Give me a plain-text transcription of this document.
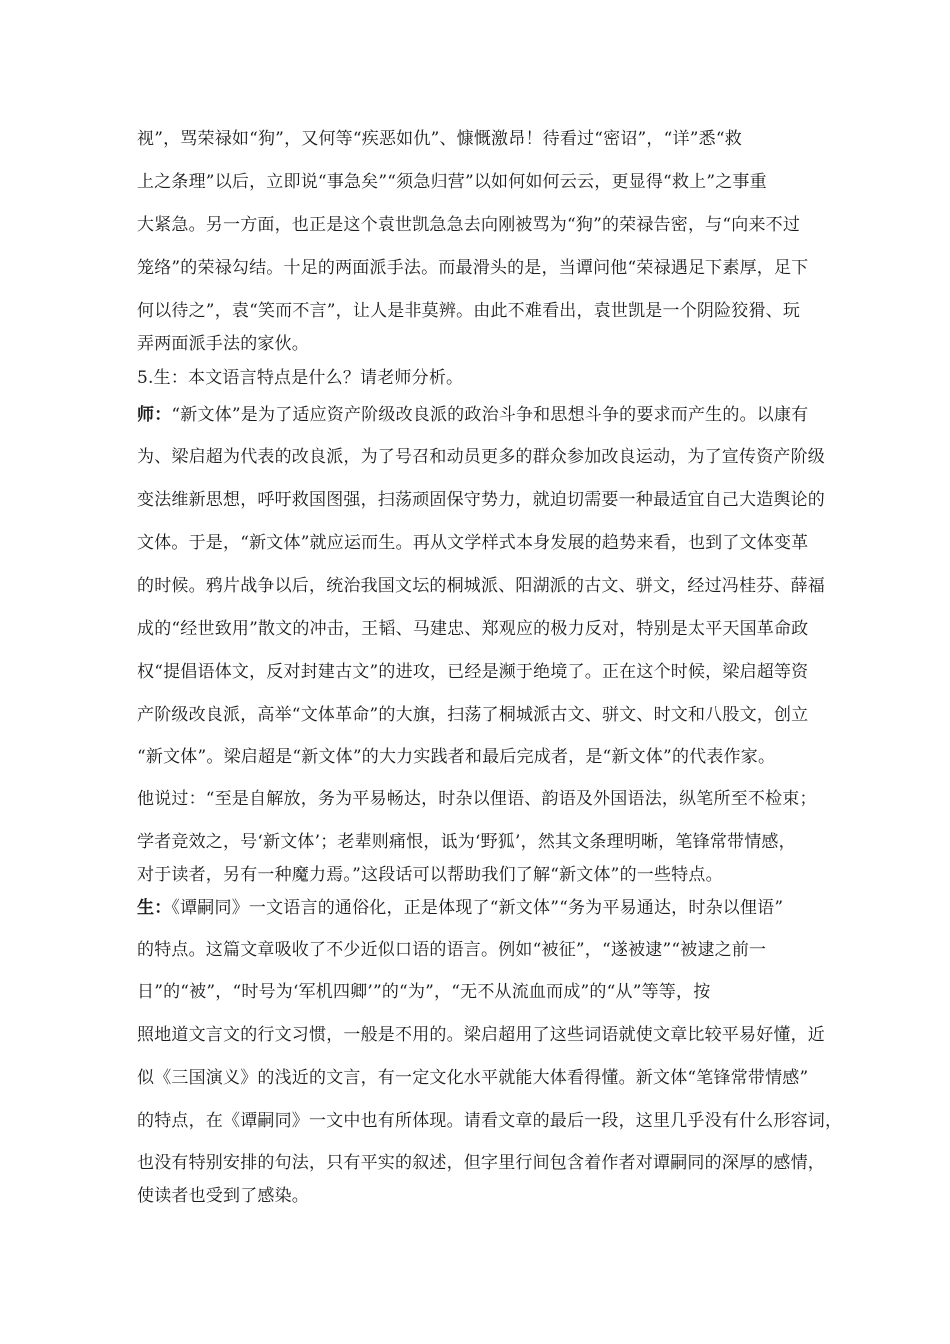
视”，骂荣禄如“狗”，又何等“疾恶如仇”、慷慨激昂！待看过“密诏”，“详”悉“救
上之条理”以后，立即说“事急矣”“须急归营”以如何如何云云，更显得“救上”之事重
大紧急。另一方面，也正是这个袁世凯急急去向刚被骂为“狗”的荣禄告密，与“向来不过
笼络”的荣禄勾结。十足的两面派手法。而最滑头的是，当谭问他“荣禄遇足下素厚，足下
何以待之”，袁“笑而不言”，让人是非莫辨。由此不难看出，袁世凯是一个阴险狡猾、玩
弄两面派手法的家伙。
5.生：本文语言特点是什么？请老师分析。
师：“新文体”是为了适应资产阶级改良派的政治斗争和思想斗争的要求而产生的。以康有
为、梁启超为代表的改良派，为了号召和动员更多的群众参加改良运动，为了宣传资产阶级
变法维新思想，呼吁救国图强，扫荡顽固保守势力，就迫切需要一种最适宜自己大造舆论的
文体。于是，“新文体”就应运而生。再从文学样式本身发展的趋势来看，也到了文体变革
的时候。鸦片战争以后，统治我国文坛的桐城派、阳湖派的古文、骈文，经过冯桂芬、薛福
成的“经世致用”散文的冲击，王韬、马建忠、郑观应的极力反对，特别是太平天国革命政
权“提倡语体文，反对封建古文”的进攻，已经是濒于绝境了。正在这个时候，梁启超等资
产阶级改良派，高举“文体革命”的大旗，扫荡了桐城派古文、骈文、时文和八股文，创立
“新文体”。梁启超是“新文体”的大力实践者和最后完成者，是“新文体”的代表作家。
他说过：“至是自解放，务为平易畅达，时杂以俚语、韵语及外国语法，纵笔所至不检束；
学者竞效之，号‘新文体’；老辈则痛恨，诋为‘野狐’，然其文条理明晰，笔锋常带情感，
对于读者，另有一种魔力焉。”这段话可以帮助我们了解“新文体”的一些特点。
生：《谭嗣同》一文语言的通俗化，正是体现了“新文体”“务为平易通达，时杂以俚语”
的特点。这篇文章吸收了不少近似口语的语言。例如“被征”，“遂被逮”“被逮之前一
日”的“被”，“时号为‘军机四卿’”的“为”，“无不从流血而成”的“从”等等，按
照地道文言文的行文习惯，一般是不用的。梁启超用了这些词语就使文章比较平易好懂，近
似《三国演义》的浅近的文言，有一定文化水平就能大体看得懂。新文体“笔锋常带情感”
的特点，在《谭嗣同》一文中也有所体现。请看文章的最后一段，这里几乎没有什么形容词，
也没有特别安排的句法，只有平实的叙述，但字里行间包含着作者对谭嗣同的深厚的感情，
使读者也受到了感染。
